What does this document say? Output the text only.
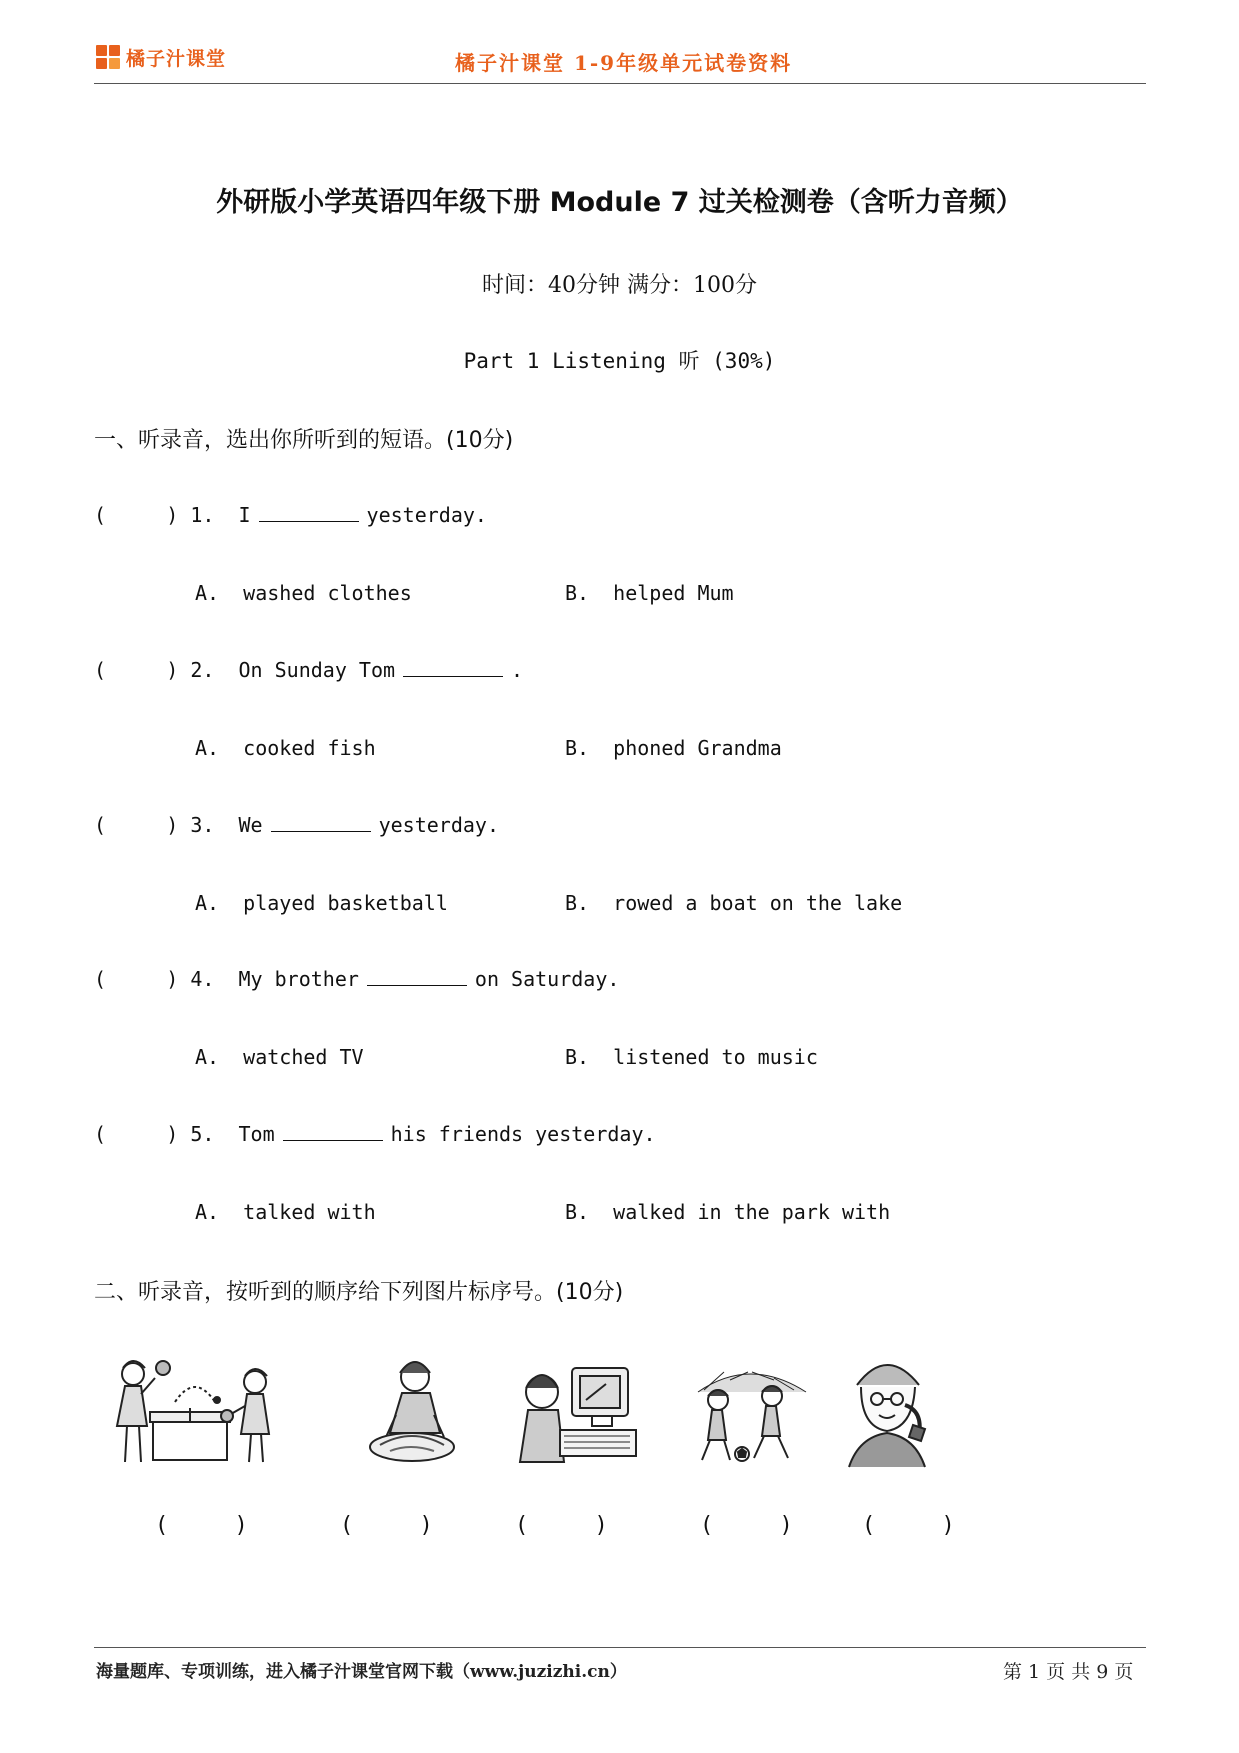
橘子汁课堂	橘子汁课堂 1-9年级单元试卷资料
外研版小学英语四年级下册 Module 7 过关检测卷（含听力音频）
时间：40分钟 满分：100分
Part 1 Listening 听 (30%)
一、听录音，选出你所听到的短语。(10分)
(     ) 1.  I	yesterday.
A.  washed clothes	B.  helped Mum
(     ) 2.  On Sunday Tom	.
A.  cooked fish	B.  phoned Grandma
(     ) 3.  We	yesterday.
A.  played basketball	B.  rowed a boat on the lake
(     ) 4.  My brother	on Saturday.
A.  watched TV	B.  listened to music
(     ) 5.  Tom	his friends yesterday.
A.  talked with	B.  walked in the park with
二、听录音，按听到的顺序给下列图片标序号。(10分)
(     )	(     )	(     )	(     )	(     )
海量题库、专项训练，进入橘子汁课堂官网下载（www.juzizhi.cn）	第 1 页 共 9 页
